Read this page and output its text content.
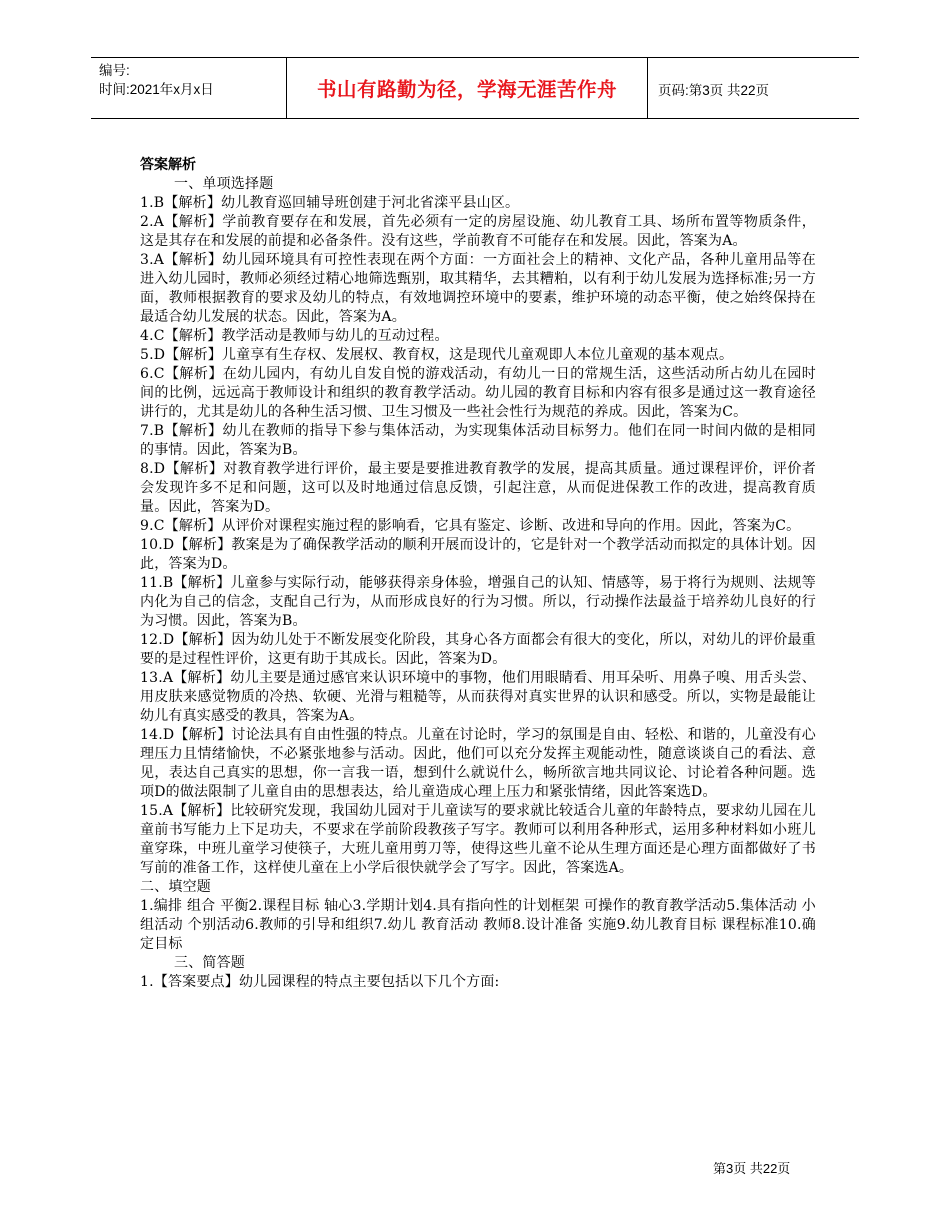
编号:
时间:2021年x月x日	书山有路勤为径，学海无涯苦作舟	页码:第3页 共22页
答案解析

一、单项选择题

1.B【解析】幼儿教育巡回辅导班创建于河北省滦平县山区。

2.A【解析】学前教育要存在和发展，首先必须有一定的房屋设施、幼儿教育工具、场所布置等物质条件，这是其存在和发展的前提和必备条件。没有这些，学前教育不可能存在和发展。因此，答案为A。

3.A【解析】幼儿园环境具有可控性表现在两个方面：一方面社会上的精神、文化产品，各种儿童用品等在进入幼儿园时，教师必须经过精心地筛选甄别，取其精华，去其糟粕，以有利于幼儿发展为选择标准;另一方面，教师根据教育的要求及幼儿的特点，有效地调控环境中的要素，维护环境的动态平衡，使之始终保持在最适合幼儿发展的状态。因此，答案为A。

4.C【解析】教学活动是教师与幼儿的互动过程。

5.D【解析】儿童享有生存权、发展权、教育权，这是现代儿童观即人本位儿童观的基本观点。

6.C【解析】在幼儿园内，有幼儿自发自悦的游戏活动，有幼儿一日的常规生活，这些活动所占幼儿在园时间的比例，远远高于教师设计和组织的教育教学活动。幼儿园的教育目标和内容有很多是通过这一教育途径讲行的，尤其是幼儿的各种生活习惯、卫生习惯及一些社会性行为规范的养成。因此，答案为C。

7.B【解析】幼儿在教师的指导下参与集体活动，为实现集体活动目标努力。他们在同一时间内做的是相同的事情。因此，答案为B。

8.D【解析】对教育教学进行评价，最主要是要推进教育教学的发展，提高其质量。通过课程评价，评价者会发现许多不足和问题，这可以及时地通过信息反馈，引起注意，从而促进保教工作的改进，提高教育质量。因此，答案为D。

9.C【解析】从评价对课程实施过程的影响看，它具有鉴定、诊断、改进和导向的作用。因此，答案为C。

10.D【解析】教案是为了确保教学活动的顺利开展而设计的，它是针对一个教学活动而拟定的具体计划。因此，答案为D。

11.B【解析】儿童参与实际行动，能够获得亲身体验，增强自己的认知、情感等，易于将行为规则、法规等内化为自己的信念，支配自己行为，从而形成良好的行为习惯。所以，行动操作法最益于培养幼儿良好的行为习惯。因此，答案为B。

12.D【解析】因为幼儿处于不断发展变化阶段，其身心各方面都会有很大的变化，所以，对幼儿的评价最重要的是过程性评价，这更有助于其成长。因此，答案为D。

13.A【解析】幼儿主要是通过感官来认识环境中的事物，他们用眼睛看、用耳朵听、用鼻子嗅、用舌头尝、用皮肤来感觉物质的冷热、软硬、光滑与粗糙等，从而获得对真实世界的认识和感受。所以，实物是最能让幼儿有真实感受的教具，答案为A。

14.D【解析】讨论法具有自由性强的特点。儿童在讨论时，学习的氛围是自由、轻松、和谐的，儿童没有心理压力且情绪愉快，不必紧张地参与活动。因此，他们可以充分发挥主观能动性，随意谈谈自己的看法、意见，表达自己真实的思想，你一言我一语，想到什么就说什么，畅所欲言地共同议论、讨论着各种问题。选项D的做法限制了儿童自由的思想表达，给儿童造成心理上压力和紧张情绪，因此答案选D。

15.A【解析】比较研究发现，我国幼儿园对于儿童读写的要求就比较适合儿童的年龄特点，要求幼儿园在儿童前书写能力上下足功夫，不要求在学前阶段教孩子写字。教师可以利用各种形式，运用多种材料如小班儿童穿珠，中班儿童学习使筷子，大班儿童用剪刀等，使得这些儿童不论从生理方面还是心理方面都做好了书写前的准备工作，这样使儿童在上小学后很快就学会了写字。因此，答案选A。

二、填空题

1.编排 组合 平衡2.课程目标 轴心3.学期计划4.具有指向性的计划框架 可操作的教育教学活动5.集体活动 小组活动 个别活动6.教师的引导和组织7.幼儿 教育活动 教师8.设计准备 实施9.幼儿教育目标 课程标准10.确定目标

三、简答题

1.【答案要点】幼儿园课程的特点主要包括以下几个方面:

第3页 共22页
